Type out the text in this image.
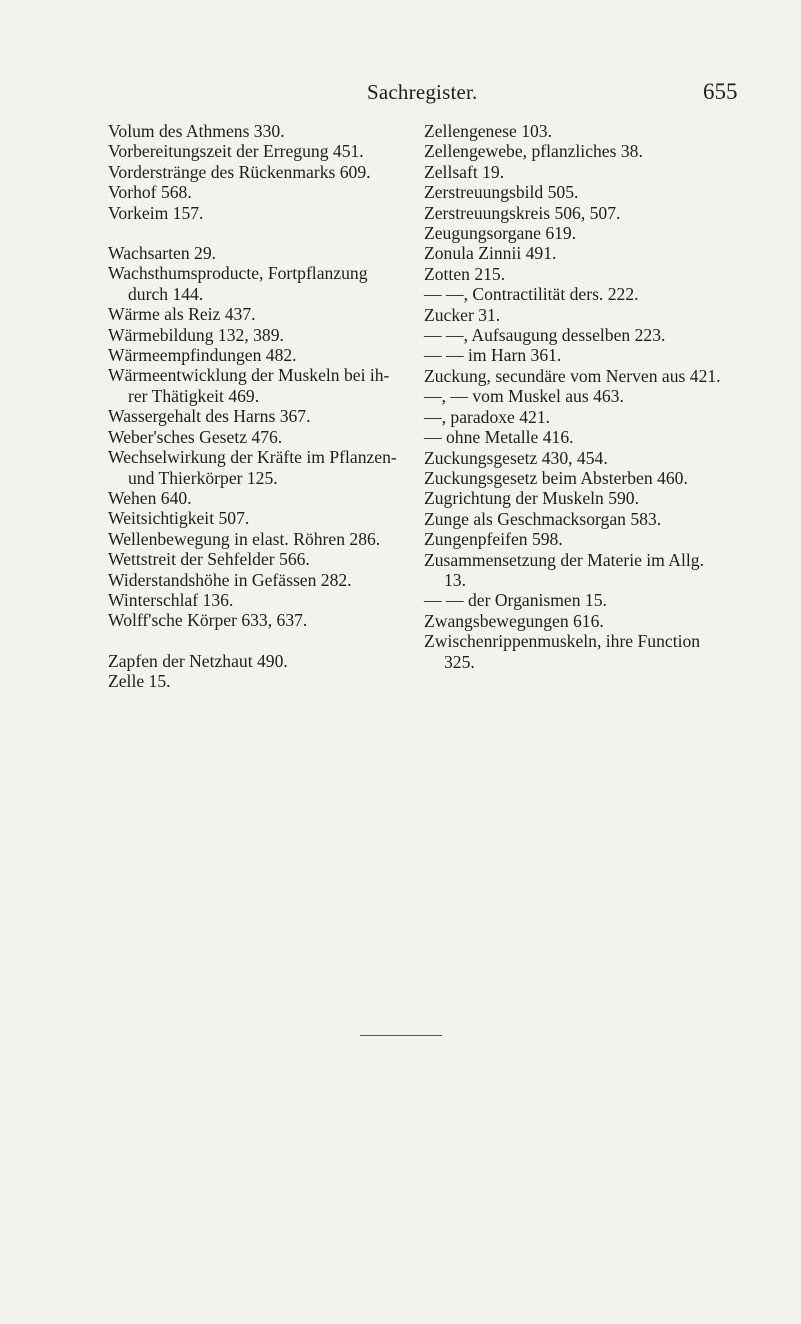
Sachregister.	655
Volum des Athmens 330.
Vorbereitungszeit der Erregung 451.
Vorderstränge des Rückenmarks 609.
Vorhof 568.
Vorkeim 157.
Wachsarten 29.
Wachsthumsproducte, Fortpflanzung
durch 144.
Wärme als Reiz 437.
Wärmebildung 132, 389.
Wärmeempfindungen 482.
Wärmeentwicklung der Muskeln bei ih-
rer Thätigkeit 469.
Wassergehalt des Harns 367.
Weber'sches Gesetz 476.
Wechselwirkung der Kräfte im Pflanzen-
und Thierkörper 125.
Wehen 640.
Weitsichtigkeit 507.
Wellenbewegung in elast. Röhren 286.
Wettstreit der Sehfelder 566.
Widerstandshöhe in Gefässen 282.
Winterschlaf 136.
Wolff'sche Körper 633, 637.
Zapfen der Netzhaut 490.
Zelle 15.
Zellengenese 103.
Zellengewebe, pflanzliches 38.
Zellsaft 19.
Zerstreuungsbild 505.
Zerstreuungskreis 506, 507.
Zeugungsorgane 619.
Zonula Zinnii 491.
Zotten 215.
— —, Contractilität ders. 222.
Zucker 31.
— —, Aufsaugung desselben 223.
— — im Harn 361.
Zuckung, secundäre vom Nerven aus 421.
—, — vom Muskel aus 463.
—, paradoxe 421.
— ohne Metalle 416.
Zuckungsgesetz 430, 454.
Zuckungsgesetz beim Absterben 460.
Zugrichtung der Muskeln 590.
Zunge als Geschmacksorgan 583.
Zungenpfeifen 598.
Zusammensetzung der Materie im Allg.
13.
— — der Organismen 15.
Zwangsbewegungen 616.
Zwischenrippenmuskeln, ihre Function
325.
